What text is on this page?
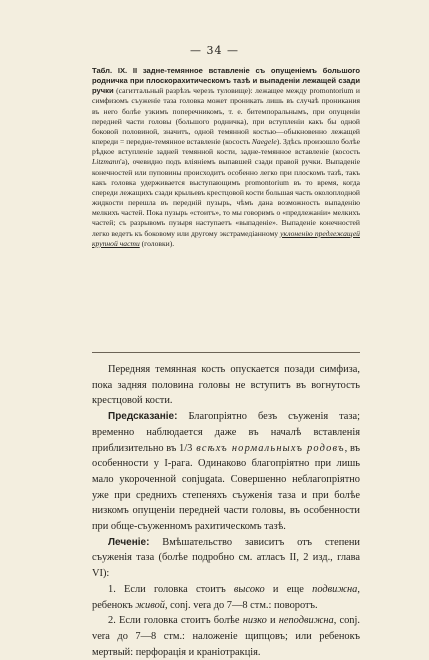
— 34 —
Табл. IX. II заднe-темянное вставленіе съ опущеніемъ большого родничка при плоскорахитическомъ тазѣ и выпаденіи лежащей сзади ручки (сагиттальный разрѣзъ черезъ туловище): лежащее между promontorium и симфизомъ съуженіе таза головка может проникать лишь въ случаѣ проникания въ него болѣе узкимъ поперечникомъ, т. е. битемпоральнымъ, при опущеніи передней части головы (большого родничка), при вступленіи какъ бы одной боковой половиной, значитъ, одной темянной костью—обыкновенно лежащей кпереди = передне-темянное вставленіе (косость Naegele). Здѣсь произошло болѣе рѣдкое вступленіе задней темянной кости, заднe-темянное вставленіе (косость Litzmann'а), очевидно подъ вліяніемъ выпавшей сзади правой ручки. Выпаденіе конечностей или пуповины происходитъ особенно легко при плоскомъ тазѣ, такъ какъ головка удерживается выступающимъ promontorium въ то время, когда спереди лежащихъ сзади крыльевъ крестцовой кости большая часть околоплодной жидкости перешла въ передній пузырь, чѣмъ дана возможность выпаденію мелкихъ частей. Пока пузырь «стоитъ», то мы говоримъ о «предлежаніи» мелкихъ частей; съ разрывомъ пузыря наступаетъ «выпаденіе». Выпаденіе конечностей легко ведетъ къ боковому или другому экстрамедіанному уклоненію предлежащей крупной части (головки).

Передняя темянная кость опускается позади симфиза, пока задняя половина головы не вступитъ въ вогнутость крестцовой кости.

Предсказаніе: Благопріятно безъ съуженія таза; временно наблюдается даже въ началѣ вставленія приблизительно въ 1/3 всѣхъ нормальныхъ родовъ, въ особенности у I-рага. Одинаково благопріятно при лишь мало укороченной conjugata. Совершенно неблагопріятно уже при среднихъ степеняхъ съуженія таза и при болѣе низкомъ опущеніи передней части головы, въ особенности при обще-съуженномъ рахитическомъ тазѣ.

Леченіе: Вмѣшательство зависитъ отъ степени съуженія таза (болѣе подробно см. атласъ II, 2 изд., глава VI):

1. Если головка стоитъ высоко и еще подвижна, ребенокъ живой, conj. vera до 7—8 стм.: поворотъ.

2. Если головка стоитъ болѣе низко и неподвижна, conj. vera до 7—8 стм.: наложеніе щипцовъ; или ребенокъ мертвый: перфорація и краніотракція.
